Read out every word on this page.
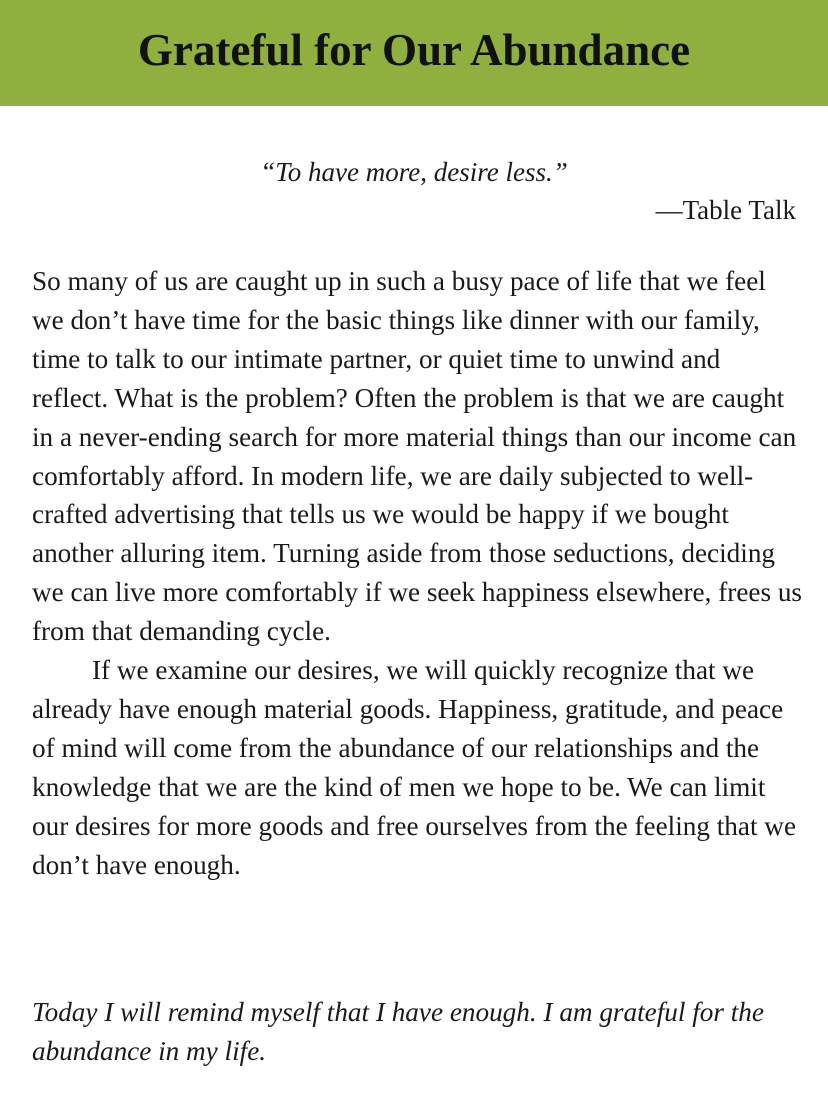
Grateful for Our Abundance
“To have more, desire less.”
—Table Talk

So many of us are caught up in such a busy pace of life that we feel we don’t have time for the basic things like dinner with our family, time to talk to our intimate partner, or quiet time to unwind and reflect. What is the problem? Often the problem is that we are caught in a never-ending search for more material things than our income can comfortably afford. In modern life, we are daily subjected to well-crafted advertising that tells us we would be happy if we bought another alluring item. Turning aside from those seductions, deciding we can live more comfortably if we seek happiness elsewhere, frees us from that demanding cycle.

If we examine our desires, we will quickly recognize that we already have enough material goods. Happiness, gratitude, and peace of mind will come from the abundance of our relationships and the knowledge that we are the kind of men we hope to be. We can limit our desires for more goods and free ourselves from the feeling that we don’t have enough.

Today I will remind myself that I have enough. I am grateful for the abundance in my life.
